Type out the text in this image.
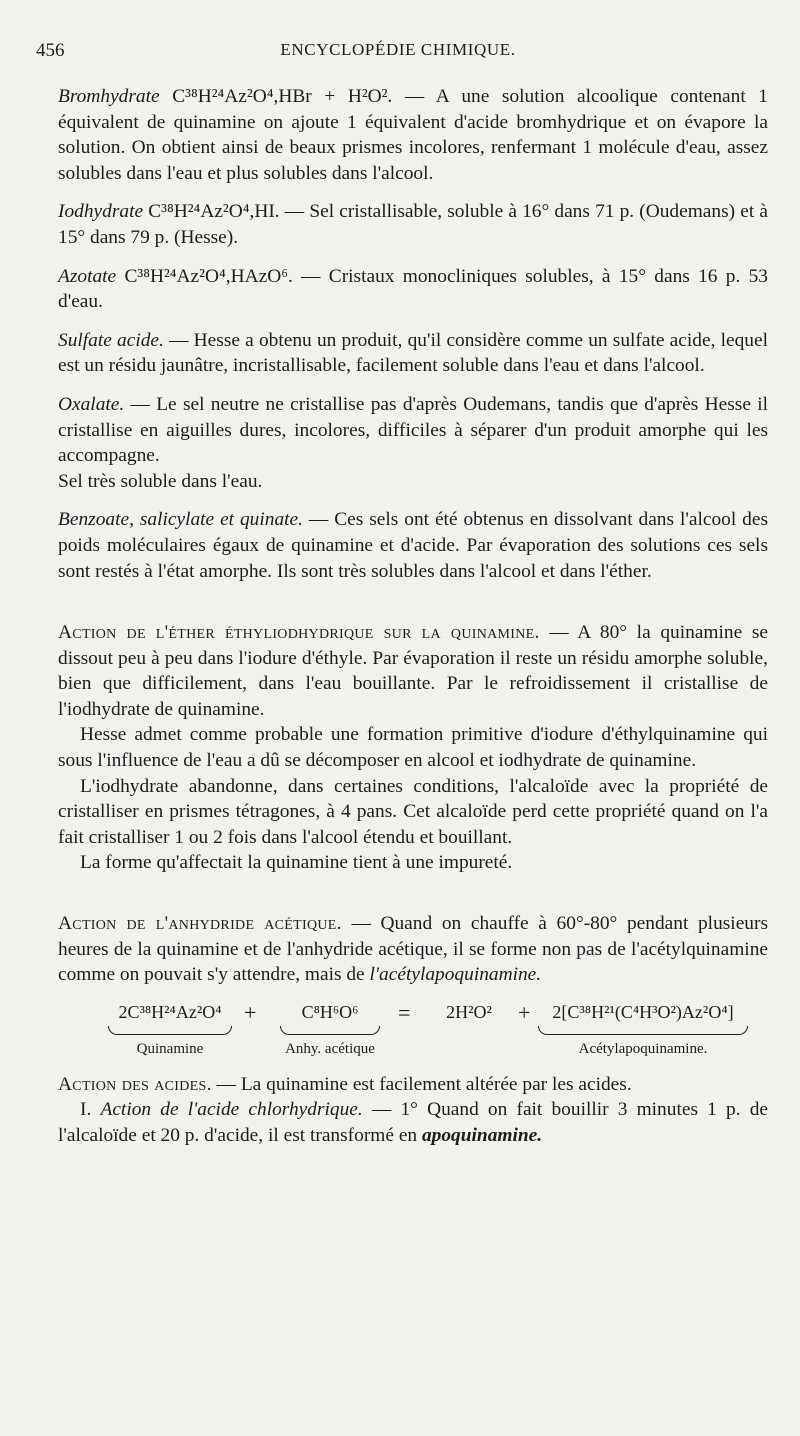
456	ENCYCLOPÉDIE CHIMIQUE.

Bromhydrate C³⁸H²⁴Az²O⁴,HBr + H²O². — A une solution alcoolique contenant 1 équivalent de quinamine on ajoute 1 équivalent d'acide bromhydrique et on évapore la solution. On obtient ainsi de beaux prismes incolores, renfermant 1 molécule d'eau, assez solubles dans l'eau et plus solubles dans l'alcool.

Iodhydrate C³⁸H²⁴Az²O⁴,HI. — Sel cristallisable, soluble à 16° dans 71 p. (Oudemans) et à 15° dans 79 p. (Hesse).

Azotate C³⁸H²⁴Az²O⁴,HAzO⁶. — Cristaux monocliniques solubles, à 15° dans 16 p. 53 d'eau.

Sulfate acide. — Hesse a obtenu un produit, qu'il considère comme un sulfate acide, lequel est un résidu jaunâtre, incristallisable, facilement soluble dans l'eau et dans l'alcool.

Oxalate. — Le sel neutre ne cristallise pas d'après Oudemans, tandis que d'après Hesse il cristallise en aiguilles dures, incolores, difficiles à séparer d'un produit amorphe qui les accompagne.

Sel très soluble dans l'eau.

Benzoate, salicylate et quinate. — Ces sels ont été obtenus en dissolvant dans l'alcool des poids moléculaires égaux de quinamine et d'acide. Par évaporation des solutions ces sels sont restés à l'état amorphe. Ils sont très solubles dans l'alcool et dans l'éther.

Action de l'éther éthyliodhydrique sur la quinamine. — A 80° la quinamine se dissout peu à peu dans l'iodure d'éthyle. Par évaporation il reste un résidu amorphe soluble, bien que difficilement, dans l'eau bouillante. Par le refroidissement il cristallise de l'iodhydrate de quinamine.

Hesse admet comme probable une formation primitive d'iodure d'éthylquinamine qui sous l'influence de l'eau a dû se décomposer en alcool et iodhydrate de quinamine.

L'iodhydrate abandonne, dans certaines conditions, l'alcaloïde avec la propriété de cristalliser en prismes tétragones, à 4 pans. Cet alcaloïde perd cette propriété quand on l'a fait cristalliser 1 ou 2 fois dans l'alcool étendu et bouillant.

La forme qu'affectait la quinamine tient à une impureté.

Action de l'anhydride acétique. — Quand on chauffe à 60°-80° pendant plusieurs heures de la quinamine et de l'anhydride acétique, il se forme non pas de l'acétylquinamine comme on pouvait s'y attendre, mais de l'acétylapoquinamine.

2C³⁸H²⁴Az²O⁴
Quinamine
+	C⁸H⁶O⁶
Anhy. acétique
=	2H²O²	+	2[C³⁸H²¹(C⁴H³O²)Az²O⁴]
Acétylapoquinamine.

Action des acides. — La quinamine est facilement altérée par les acides.

I. Action de l'acide chlorhydrique. — 1° Quand on fait bouillir 3 minutes 1 p. de l'alcaloïde et 20 p. d'acide, il est transformé en apoquinamine.
